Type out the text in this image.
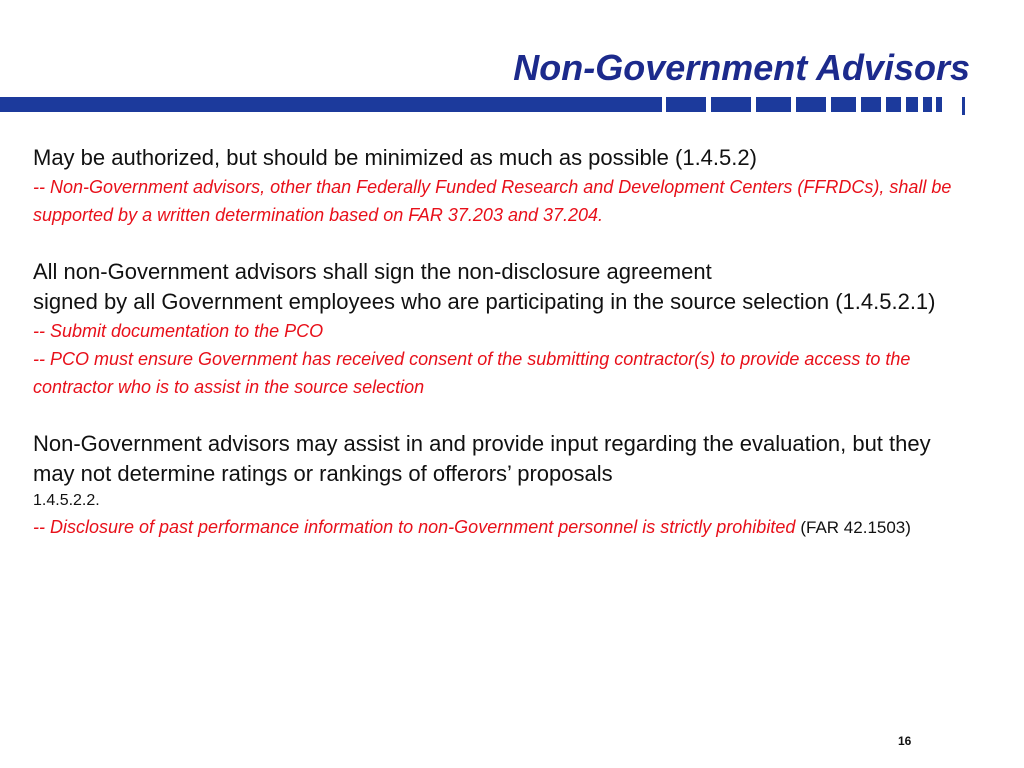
Non-Government Advisors
May be authorized, but should be minimized as much as possible (1.4.5.2)
-- Non-Government advisors, other than Federally Funded Research and Development Centers (FFRDCs), shall be supported by a written determination based on FAR 37.203 and 37.204.
All non-Government advisors shall sign the non-disclosure agreement
signed by all Government employees who are participating in the source selection (1.4.5.2.1)
-- Submit documentation to the PCO
-- PCO must ensure Government has received consent of the submitting contractor(s) to provide access to the contractor who is to assist in the source selection
Non-Government advisors may assist in and provide input regarding the evaluation, but they may not determine ratings or rankings of offerors’ proposals
1.4.5.2.2.
-- Disclosure of past performance information to non-Government personnel is strictly prohibited (FAR 42.1503)
16
